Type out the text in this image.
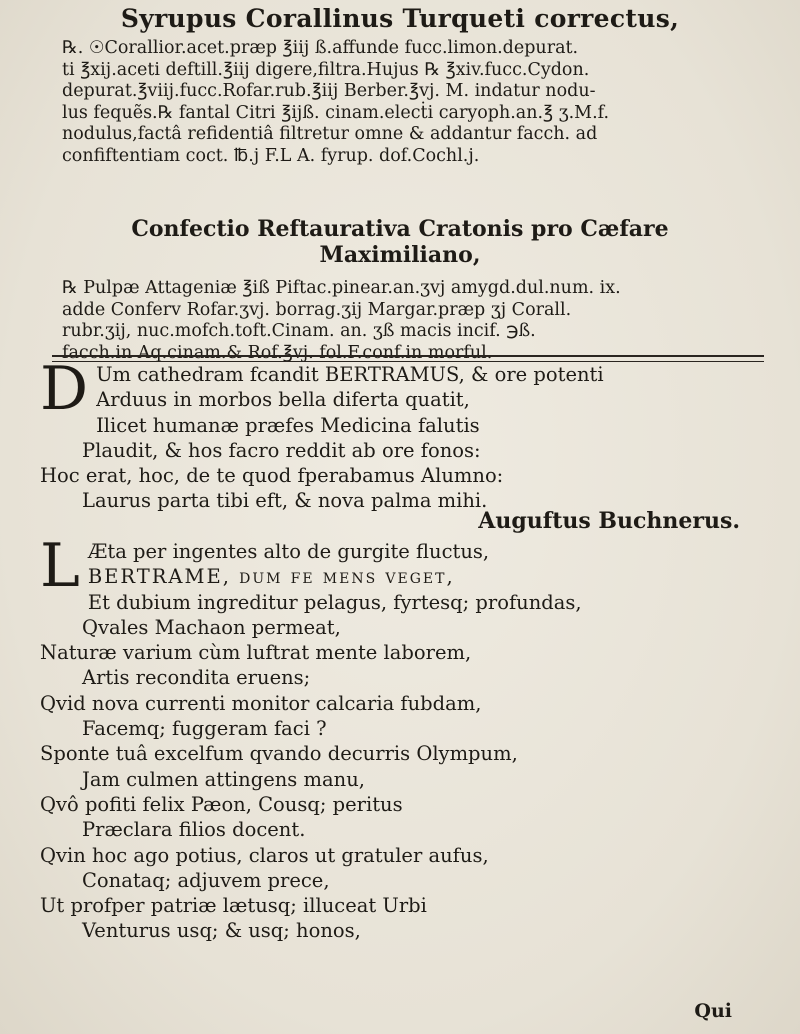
Syrupus Corallinus Turqueti correctus,
℞. ☉Corallior.acet.præp ℥iij ß.affunde fucc.limon.depurat.
ti ℥xij.aceti deftill.℥iij digere,filtra.Hujus ℞ ℥xiv.fucc.Cydon.
depurat.℥viij.fucc.Rofar.rub.℥iij Berber.℥vj. M. indatur nodu-
lus fequẽs.℞ fantal Citri ℥ijß. cinam.elecṫi caryoph.an.℥ ʒ.M.f.
nodulus,factâ refidentiâ filtretur omne & addantur facch. ad
confiftentiam coct. ℔.j F.L A. fyrup. dof.Cochl.j.
Confectio Reftaurativa Cratonis pro Cæfare
Maximiliano,
℞ Pulpæ Attageniæ ℥iß Piftac.pinear.an.ʒvj amygd.dul.num. ix.
adde Conferv Rofar.ʒvj. borrag.ʒij Margar.præp ʒj Corall.
rubr.ʒij, nuc.mofch.toft.Cinam. an. ʒß macis incif. ℈ß.
facch.in Aq.cinam.& Rof.℥vj. fol.F.conf.in morful.
D Um cathedram fcandit BERTRAMUS, & ore potenti
Arduus in morbos bella diferta quatit,
Ilicet humanæ præfes Medicina falutis
Plaudit, & hos facro reddit ab ore fonos:
Hoc erat, hoc, de te quod fperabamus Alumno:
Laurus parta tibi eft, & nova palma mihi.
Auguftus Buchnerus.
L Æta per ingentes alto de gurgite fluctus,
BERTRAME, dum fe mens veget,
Et dubium ingreditur pelagus, fyrtesq; profundas,
Qvales Machaon permeat,
Naturæ varium cùm luftrat mente laborem,
Artis recondita eruens;
Qvid nova currenti monitor calcaria fubdam,
Facemq; fuggeram faci ?
Sponte tuâ excelfum qvando decurris Olympum,
Jam culmen attingens manu,
Qvô pofiti felix Pæon, Cousq; peritus
Præclara filios docent.
Qvin hoc ago potius, claros ut gratuler aufus,
Conataq; adjuvem prece,
Ut profper patriæ lætusq; illuceat Urbi
Venturus usq; & usq; honos,
Qui
